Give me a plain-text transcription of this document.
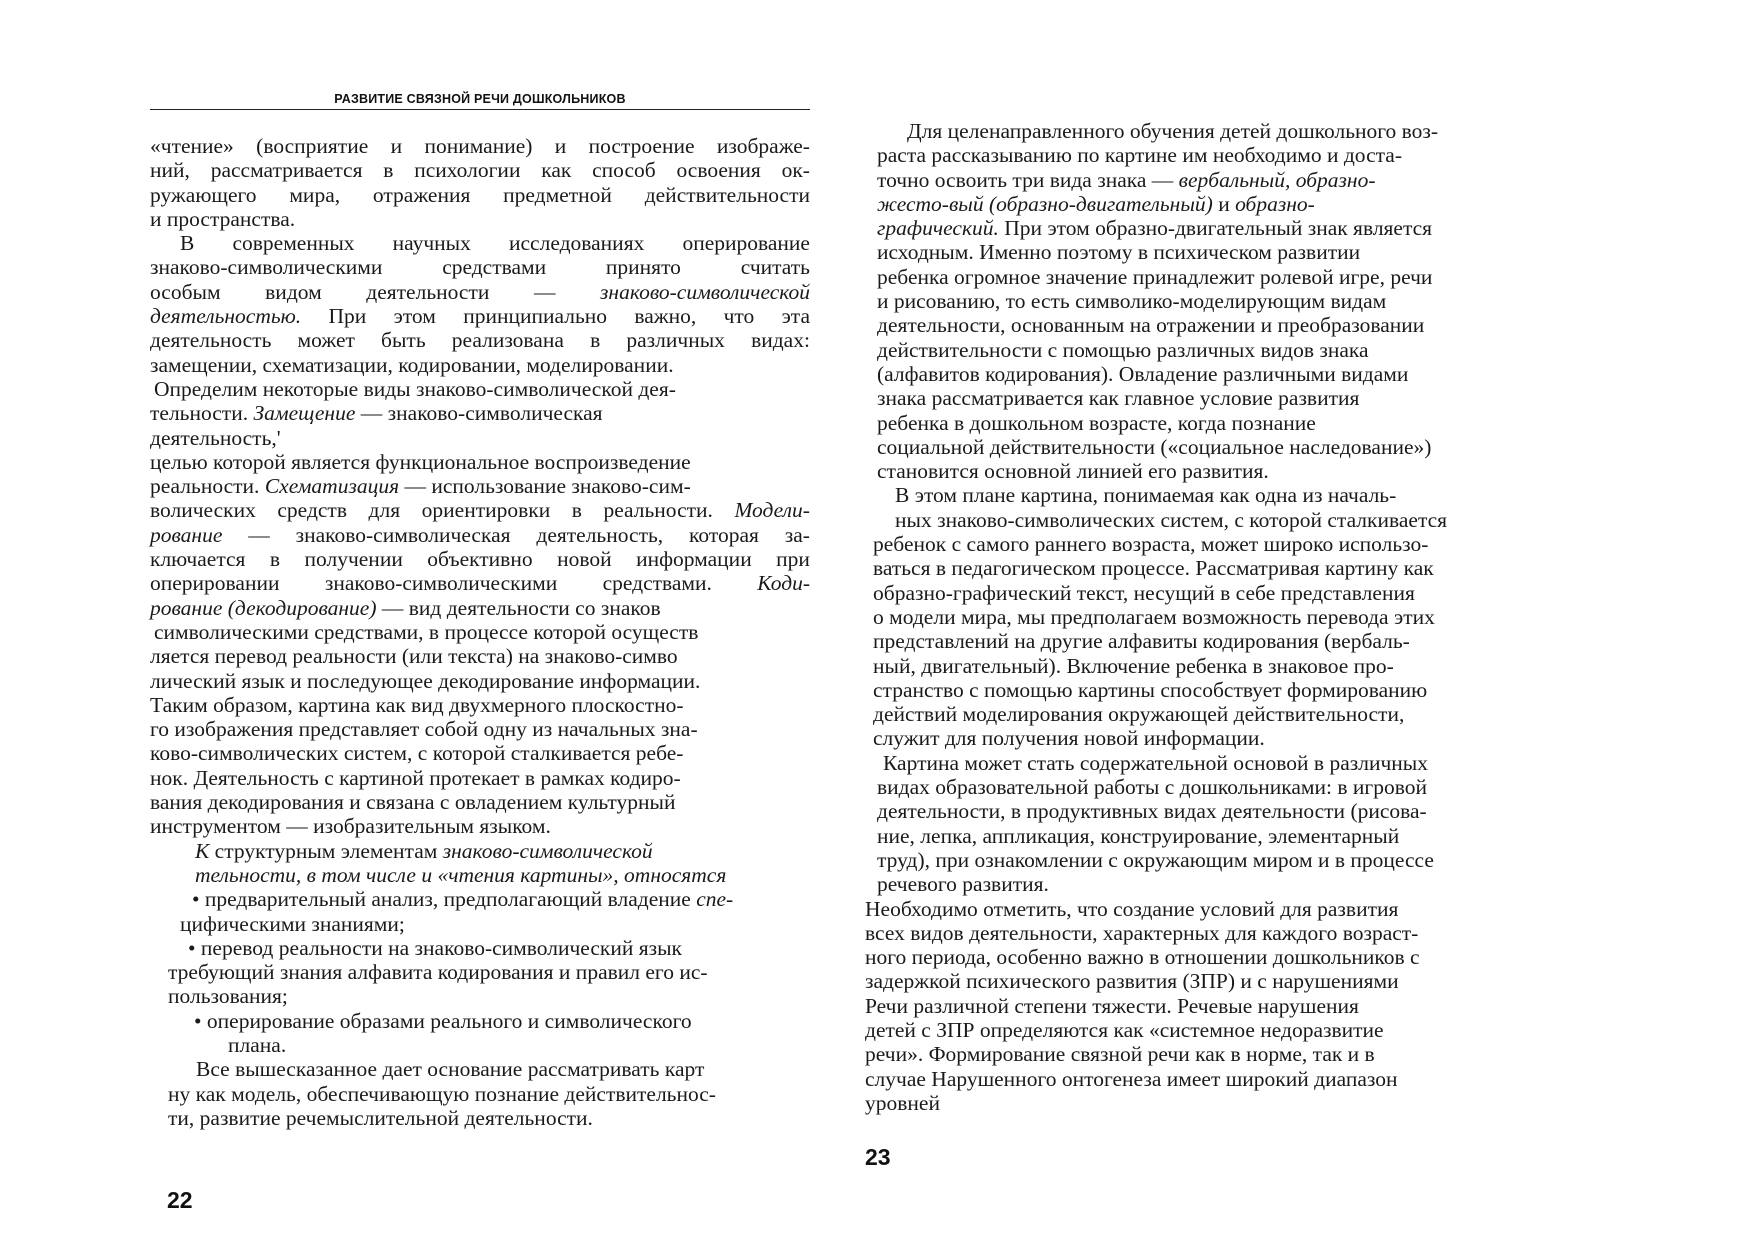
РАЗВИТИЕ СВЯЗНОЙ РЕЧИ ДОШКОЛЬНИКОВ
«чтение» (восприятие и понимание) и построение изображе-
ний, рассматривается в психологии как способ освоения ок-
ружающего мира, отражения предметной действительности
и пространства.
В современных научных исследованиях оперирование
знаково-символическими	средствами	принято	считать
особым видом деятельности — знаково-символической
деятельностью. При этом принципиально важно, что эта
деятельность может быть реализована в различных видах:
замещении, схематизации, кодировании, моделировании.
Определим некоторые виды знаково-символической дея-
тельности. Замещение — знаково-символическая
деятельность,'
целью которой является функциональное воспроизведение
реальности. Схематизация — использование знаково-сим-
волических средств для ориентировки в реальности. Модели-
рование — знаково-символическая деятельность, которая за-
ключается в получении объективно новой информации при
оперировании знаково-символическими средствами. Коди-
рование (декодирование) — вид деятельности со знаков
символическими средствами, в процессе которой осуществ
ляется перевод реальности (или текста) на знаково-симво
лический язык и последующее декодирование информации.
Таким образом, картина как вид двухмерного плоскостно-
го изображения представляет собой одну из начальных зна-
ково-символических систем, с которой сталкивается ребе-
нок. Деятельность с картиной протекает в рамках кодиро-
вания декодирования и связана с овладением культурный
инструментом — изобразительным языком.
К структурным элементам знаково-символической
тельности, в том числе и «чтения картины», относятся
• предварительный анализ, предполагающий владение спе-
цифическими знаниями;
• перевод реальности на знаково-символический язык
требующий знания алфавита кодирования и правил его ис-
пользования;
• оперирование образами реального и символического
плана.
Все вышесказанное дает основание рассматривать карт
ну как модель, обеспечивающую познание действительнос-
ти, развитие речемыслительной деятельности.
Для целенаправленного обучения детей дошкольного воз-
раста рассказыванию по картине им необходимо и доста-
точно освоить три вида знака — вербальный, образно-
жесто-вый (образно-двигательный) и образно-
графический. При этом образно-двигательный знак является
исходным. Именно поэтому в психическом развитии
ребенка огромное значение принадлежит ролевой игре, речи
и рисованию, то есть символико-моделирующим видам
деятельности, основанным на отражении и преобразовании
действительности с помощью различных видов знака
(алфавитов кодирования). Овладение различными видами
знака рассматривается как главное условие развития
ребенка в дошкольном возрасте, когда познание
социальной действительности («социальное наследование»)
становится основной линией его развития.
В этом плане картина, понимаемая как одна из началь-
ных знаково-символических систем, с которой сталкивается
ребенок с самого раннего возраста, может широко использо-
ваться в педагогическом процессе. Рассматривая картину как
образно-графический текст, несущий в себе представления
о модели мира, мы предполагаем возможность перевода этих
представлений на другие алфавиты кодирования (вербаль-
ный, двигательный). Включение ребенка в знаковое про-
странство с помощью картины способствует формированию
действий моделирования окружающей действительности,
служит для получения новой информации.
Картина может стать содержательной основой в различных
видах образовательной работы с дошкольниками: в игровой
деятельности, в продуктивных видах деятельности (рисова-
ние, лепка, аппликация, конструирование, элементарный
труд), при ознакомлении с окружающим миром и в процессе
речевого развития.
Необходимо отметить, что создание условий для развития
всех видов деятельности, характерных для каждого возраст-
ного периода, особенно важно в отношении дошкольников с
задержкой психического развития (ЗПР) и с нарушениями
Речи различной степени тяжести. Речевые нарушения
детей с ЗПР определяются как «системное недоразвитие
речи». Формирование связной речи как в норме, так и в
случае Нарушенного онтогенеза имеет широкий диапазон
уровней
22
23
